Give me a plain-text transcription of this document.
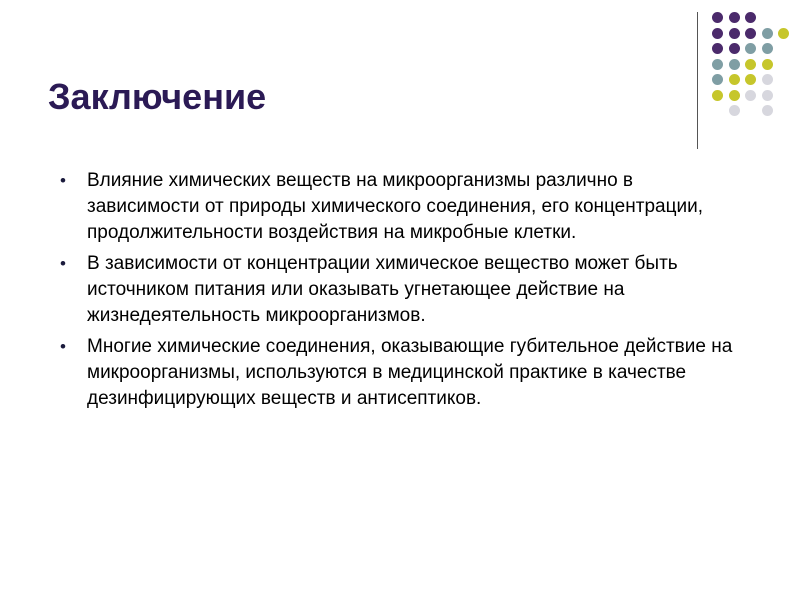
Заключение
• Влияние химических веществ на микроорганизмы различно в зависимости от природы химического соединения, его концентрации, продолжительности воздействия на микробные клетки.
• В зависимости от концентрации химическое вещество может быть источником питания или оказывать угнетающее действие на жизнедеятельность микроорганизмов.
• Многие химические соединения, оказывающие губительное действие на микроорганизмы, используются в медицинской практике в качестве дезинфицирующих веществ и антисептиков.
